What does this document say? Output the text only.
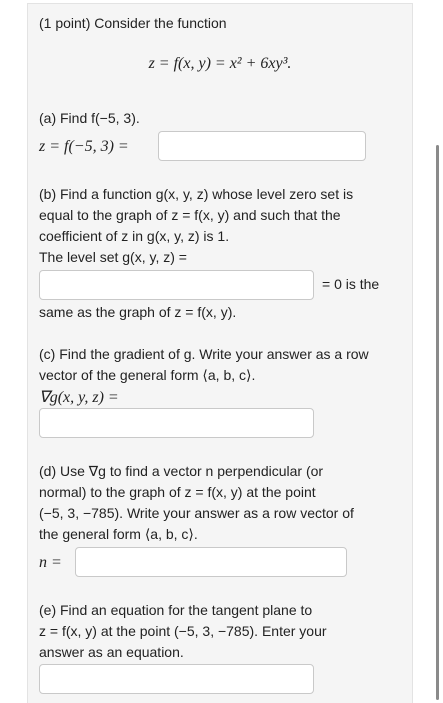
(1 point) Consider the function
z = f(x, y) = x² + 6xy³.
(a) Find f(−5, 3).
z = f(−5, 3) =
(b) Find a function g(x, y, z) whose level zero set is
equal to the graph of z = f(x, y) and such that the
coefficient of z in g(x, y, z) is 1.
The level set g(x, y, z) =
= 0 is the
same as the graph of z = f(x, y).
(c) Find the gradient of g. Write your answer as a row
vector of the general form ⟨a, b, c⟩.
∇g(x, y, z) =
(d) Use ∇g to find a vector n perpendicular (or
normal) to the graph of z = f(x, y) at the point
(−5, 3, −785). Write your answer as a row vector of
the general form ⟨a, b, c⟩.
n =
(e) Find an equation for the tangent plane to
z = f(x, y) at the point (−5, 3, −785). Enter your
answer as an equation.
